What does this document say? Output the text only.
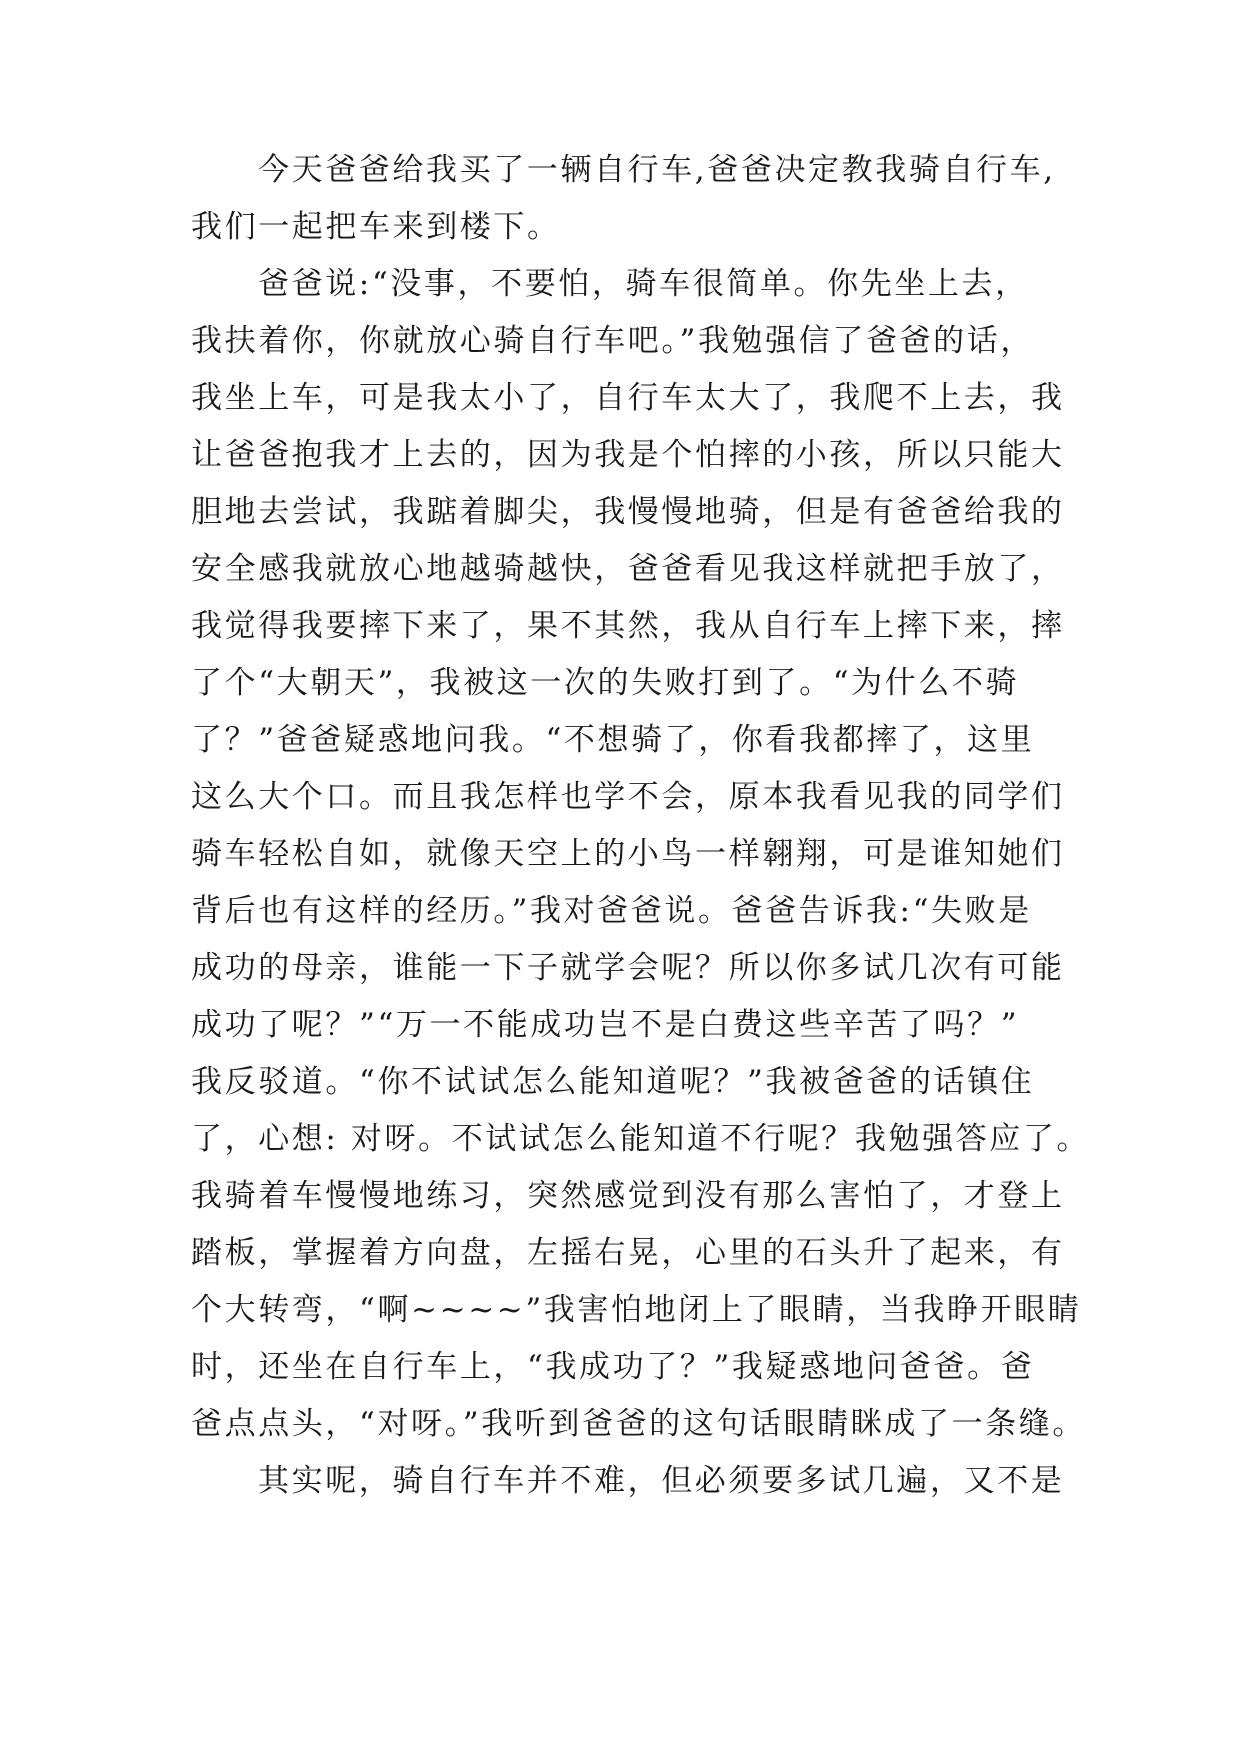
今天爸爸给我买了一辆自行车,爸爸决定教我骑自行车,
我们一起把车来到楼下。
爸爸说:“没事，不要怕，骑车很简单。你先坐上去，
我扶着你，你就放心骑自行车吧。”我勉强信了爸爸的话，
我坐上车，可是我太小了，自行车太大了，我爬不上去，我
让爸爸抱我才上去的，因为我是个怕摔的小孩，所以只能大
胆地去尝试，我踮着脚尖，我慢慢地骑，但是有爸爸给我的
安全感我就放心地越骑越快，爸爸看见我这样就把手放了，
我觉得我要摔下来了，果不其然，我从自行车上摔下来，摔
了个“大朝天”，我被这一次的失败打到了。“为什么不骑
了？”爸爸疑惑地问我。“不想骑了，你看我都摔了，这里
这么大个口。而且我怎样也学不会，原本我看见我的同学们
骑车轻松自如，就像天空上的小鸟一样翱翔，可是谁知她们
背后也有这样的经历。”我对爸爸说。爸爸告诉我:“失败是
成功的母亲，谁能一下子就学会呢？所以你多试几次有可能
成功了呢？”“万一不能成功岂不是白费这些辛苦了吗？”
我反驳道。“你不试试怎么能知道呢？”我被爸爸的话镇住
了，心想: 对呀。不试试怎么能知道不行呢？我勉强答应了。
我骑着车慢慢地练习，突然感觉到没有那么害怕了，才登上
踏板，掌握着方向盘，左摇右晃，心里的石头升了起来，有
个大转弯，“啊~~~~”我害怕地闭上了眼睛，当我睁开眼睛
时，还坐在自行车上，“我成功了？”我疑惑地问爸爸。爸
爸点点头，“对呀。”我听到爸爸的这句话眼睛眯成了一条缝。
其实呢，骑自行车并不难，但必须要多试几遍，又不是
